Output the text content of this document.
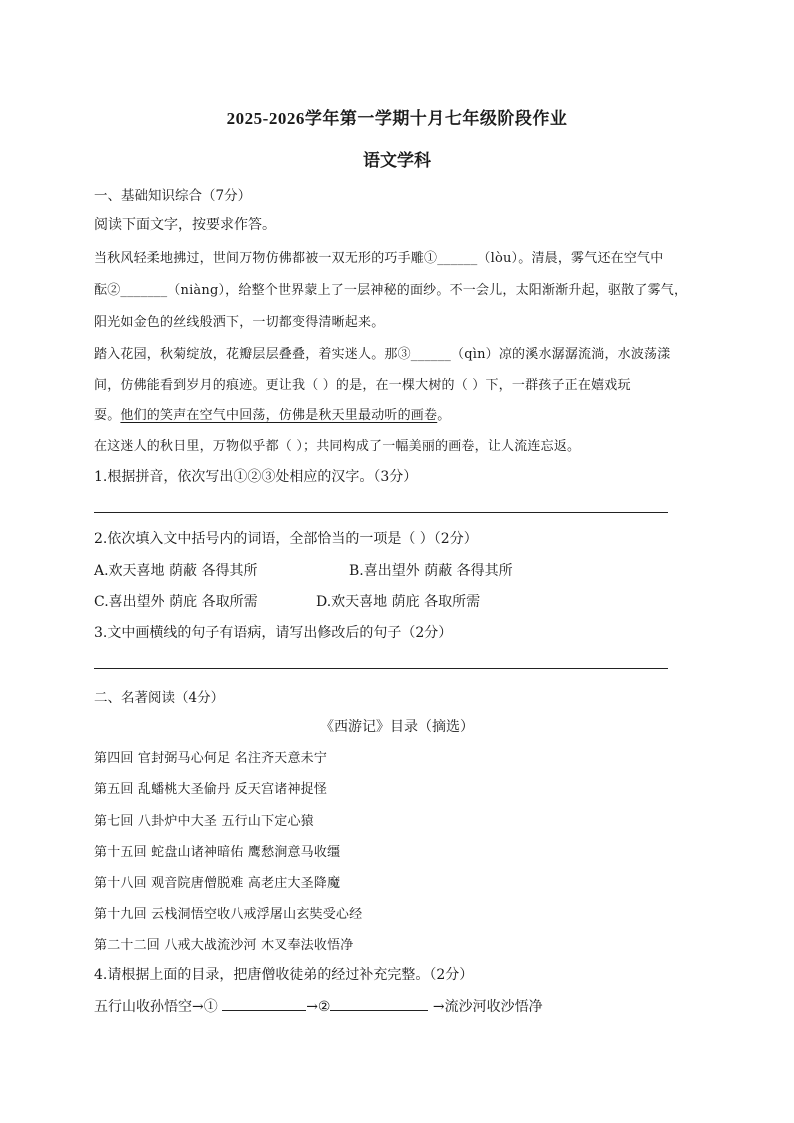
2025-2026学年第一学期十月七年级阶段作业
语文学科
一、基础知识综合（7分）
阅读下面文字，按要求作答。
当秋风轻柔地拂过，世间万物仿佛都被一双无形的巧手雕①______（lòu）。清晨，雾气还在空气中
酝②_______（niàng），给整个世界蒙上了一层神秘的面纱。不一会儿，太阳渐渐升起，驱散了雾气，
阳光如金色的丝线般洒下，一切都变得清晰起来。
踏入花园，秋菊绽放，花瓣层层叠叠，着实迷人。那③______（qìn）凉的溪水潺潺流淌，水波荡漾
间，仿佛能看到岁月的痕迹。更让我（ ）的是，在一棵大树的（ ）下，一群孩子正在嬉戏玩
耍。他们的笑声在空气中回荡，仿佛是秋天里最动听的画卷。
在这迷人的秋日里，万物似乎都（ ）；共同构成了一幅美丽的画卷，让人流连忘返。
1.根据拼音，依次写出①②③处相应的汉字。（3分）
2.依次填入文中括号内的词语，全部恰当的一项是（ ）（2分）
A.欢天喜地 荫蔽 各得其所	B.喜出望外 荫蔽 各得其所
C.喜出望外 荫庇 各取所需	D.欢天喜地 荫庇 各取所需
3.文中画横线的句子有语病，请写出修改后的句子（2分）
二、名著阅读（4分）
《西游记》目录（摘选）
第四回 官封弼马心何足 名注齐天意未宁
第五回 乱蟠桃大圣偷丹 反天宫诸神捉怪
第七回 八卦炉中大圣 五行山下定心猿
第十五回 蛇盘山诸神暗佑 鹰愁涧意马收缰
第十八回 观音院唐僧脱难 高老庄大圣降魔
第十九回 云栈洞悟空收八戒浮屠山玄奘受心经
第二十二回 八戒大战流沙河 木叉奉法收悟净
4.请根据上面的目录，把唐僧收徒弟的经过补充完整。（2分）
五行山收孙悟空→①	→②	→流沙河收沙悟净
